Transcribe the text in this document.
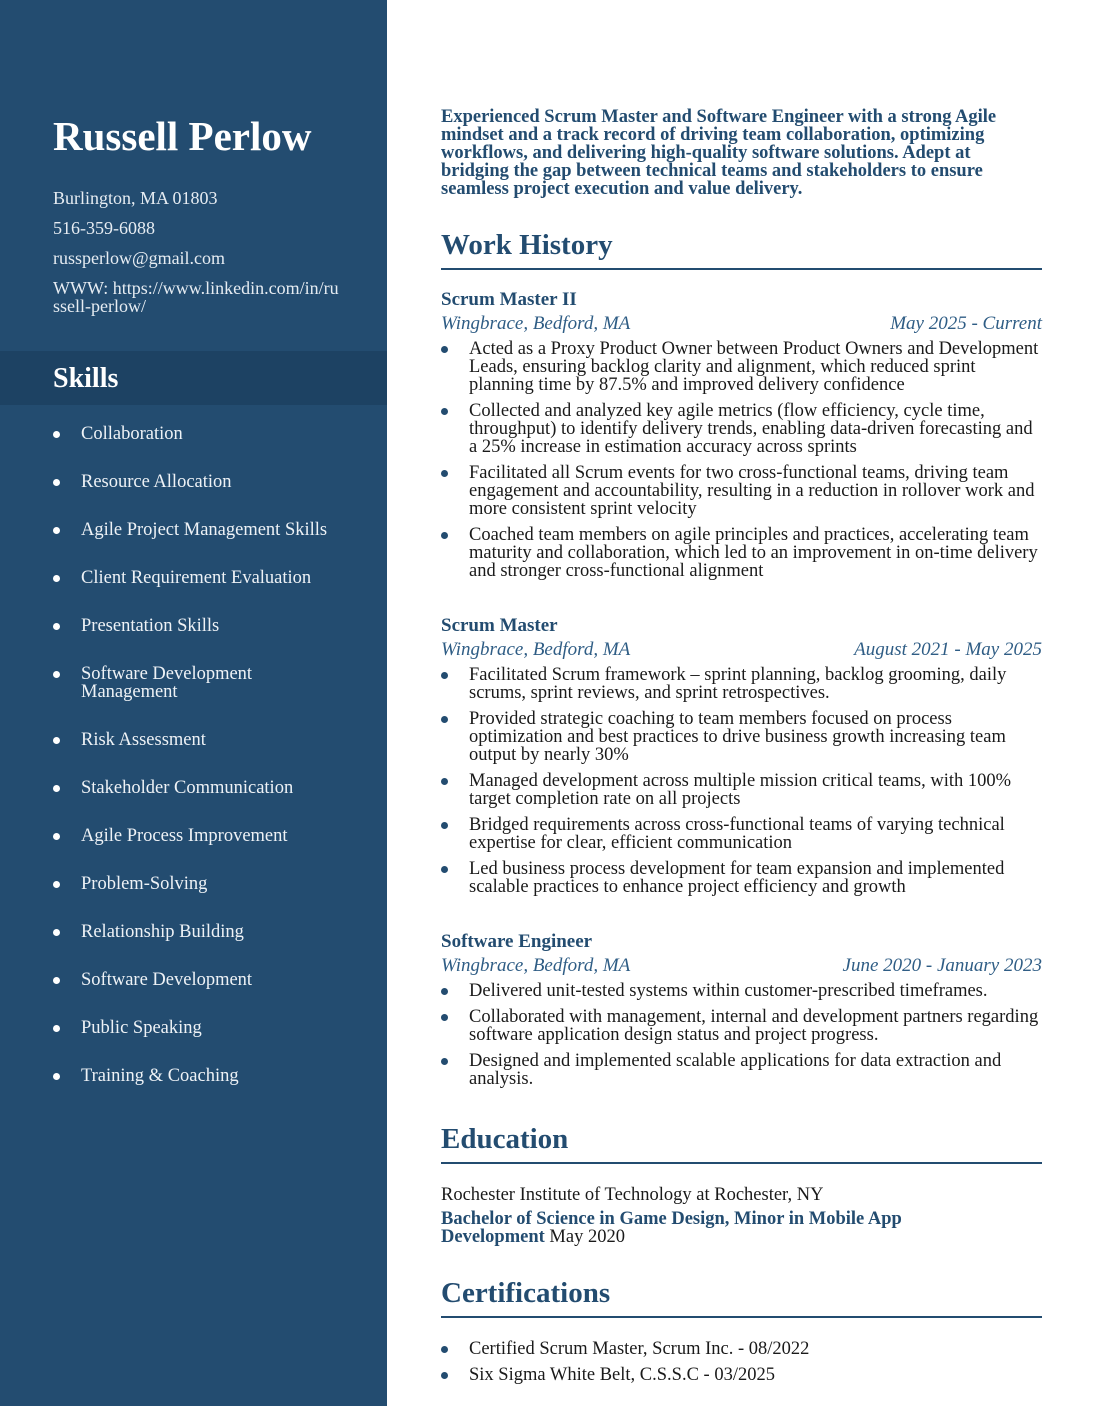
Russell Perlow
Burlington, MA 01803
516-359-6088
russperlow@gmail.com
WWW: https://www.linkedin.com/in/russell-perlow/
Skills
Collaboration
Resource Allocation
Agile Project Management Skills
Client Requirement Evaluation
Presentation Skills
Software Development Management
Risk Assessment
Stakeholder Communication
Agile Process Improvement
Problem-Solving
Relationship Building
Software Development
Public Speaking
Training & Coaching

Experienced Scrum Master and Software Engineer with a strong Agile mindset and a track record of driving team collaboration, optimizing workflows, and delivering high-quality software solutions. Adept at bridging the gap between technical teams and stakeholders to ensure seamless project execution and value delivery.

Work History

Scrum Master II

Wingbrace, Bedford, MA	May 2025 - Current
Acted as a Proxy Product Owner between Product Owners and Development Leads, ensuring backlog clarity and alignment, which reduced sprint planning time by 87.5% and improved delivery confidence
Collected and analyzed key agile metrics (flow efficiency, cycle time, throughput) to identify delivery trends, enabling data-driven forecasting and a 25% increase in estimation accuracy across sprints
Facilitated all Scrum events for two cross-functional teams, driving team engagement and accountability, resulting in a reduction in rollover work and more consistent sprint velocity
Coached team members on agile principles and practices, accelerating team maturity and collaboration, which led to an improvement in on-time delivery and stronger cross-functional alignment

Scrum Master

Wingbrace, Bedford, MA	August 2021 - May 2025
Facilitated Scrum framework – sprint planning, backlog grooming, daily scrums, sprint reviews, and sprint retrospectives.
Provided strategic coaching to team members focused on process optimization and best practices to drive business growth increasing team output by nearly 30%
Managed development across multiple mission critical teams, with 100% target completion rate on all projects
Bridged requirements across cross-functional teams of varying technical expertise for clear, efficient communication
Led business process development for team expansion and implemented scalable practices to enhance project efficiency and growth

Software Engineer

Wingbrace, Bedford, MA	June 2020 - January 2023
Delivered unit-tested systems within customer-prescribed timeframes.
Collaborated with management, internal and development partners regarding software application design status and project progress.
Designed and implemented scalable applications for data extraction and analysis.
Education

Rochester Institute of Technology at Rochester, NY

Bachelor of Science in Game Design, Minor in Mobile App Development May 2020

Certifications
Certified Scrum Master, Scrum Inc. - 08/2022
Six Sigma White Belt, C.S.S.C - 03/2025
